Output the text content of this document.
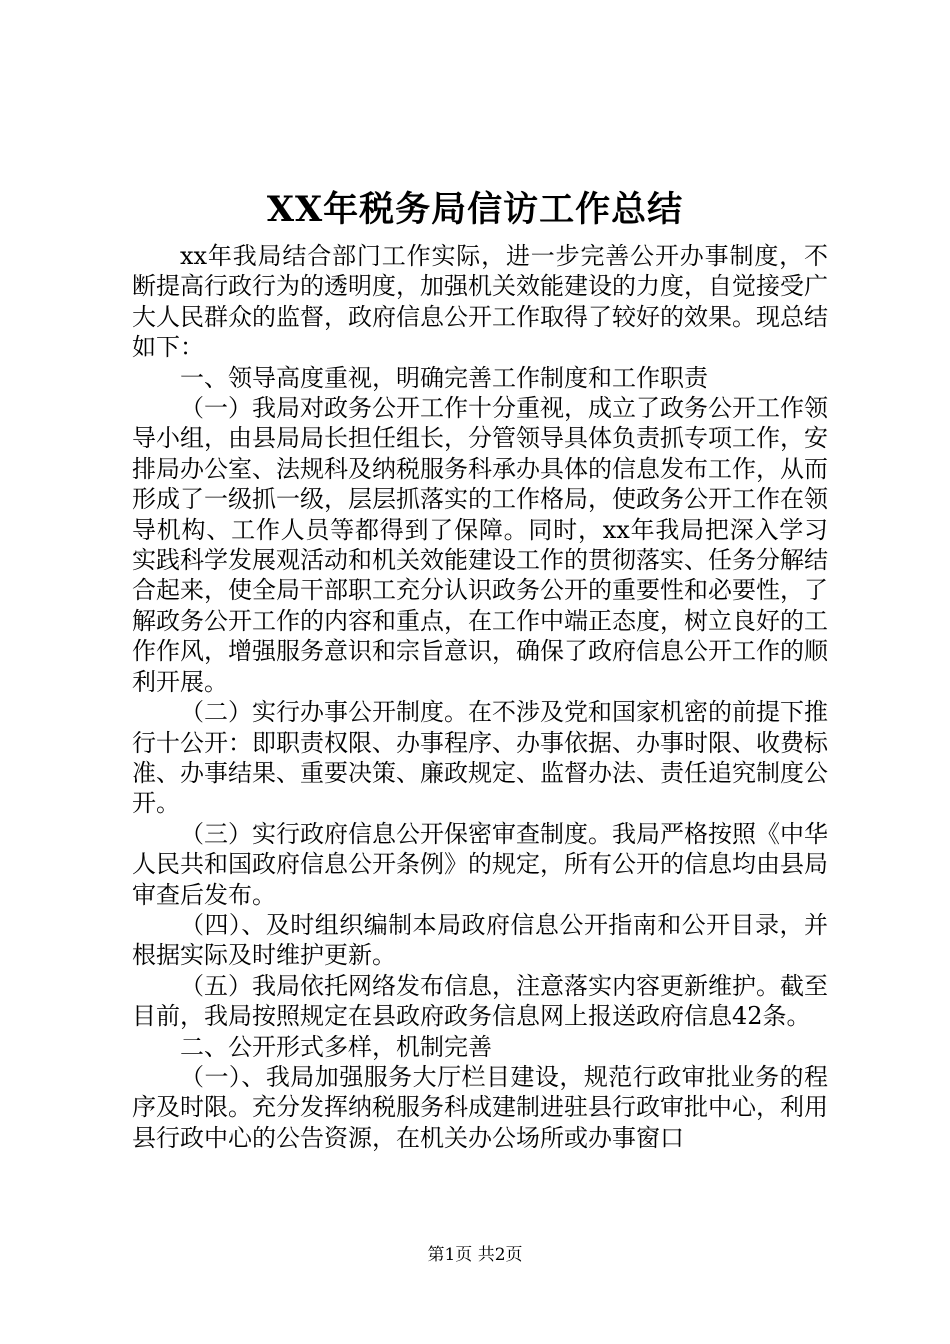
XX年税务局信访工作总结

xx年我局结合部门工作实际，进一步完善公开办事制度，不断提高行政行为的透明度，加强机关效能建设的力度，自觉接受广大人民群众的监督，政府信息公开工作取得了较好的效果。现总结如下：

一、领导高度重视，明确完善工作制度和工作职责

（一）我局对政务公开工作十分重视，成立了政务公开工作领导小组，由县局局长担任组长，分管领导具体负责抓专项工作，安排局办公室、法规科及纳税服务科承办具体的信息发布工作，从而形成了一级抓一级，层层抓落实的工作格局，使政务公开工作在领导机构、工作人员等都得到了保障。同时，xx年我局把深入学习实践科学发展观活动和机关效能建设工作的贯彻落实、任务分解结合起来，使全局干部职工充分认识政务公开的重要性和必要性，了解政务公开工作的内容和重点，在工作中端正态度，树立良好的工作作风，增强服务意识和宗旨意识，确保了政府信息公开工作的顺利开展。

（二）实行办事公开制度。在不涉及党和国家机密的前提下推行十公开：即职责权限、办事程序、办事依据、办事时限、收费标准、办事结果、重要决策、廉政规定、监督办法、责任追究制度公开。

（三）实行政府信息公开保密审查制度。我局严格按照《中华人民共和国政府信息公开条例》的规定，所有公开的信息均由县局审查后发布。

（四）、及时组织编制本局政府信息公开指南和公开目录，并根据实际及时维护更新。

（五）我局依托网络发布信息，注意落实内容更新维护。截至目前，我局按照规定在县政府政务信息网上报送政府信息42条。

二、公开形式多样，机制完善

（一）、我局加强服务大厅栏目建设，规范行政审批业务的程序及时限。充分发挥纳税服务科成建制进驻县行政审批中心，利用县行政中心的公告资源，在机关办公场所或办事窗口

第1页 共2页
